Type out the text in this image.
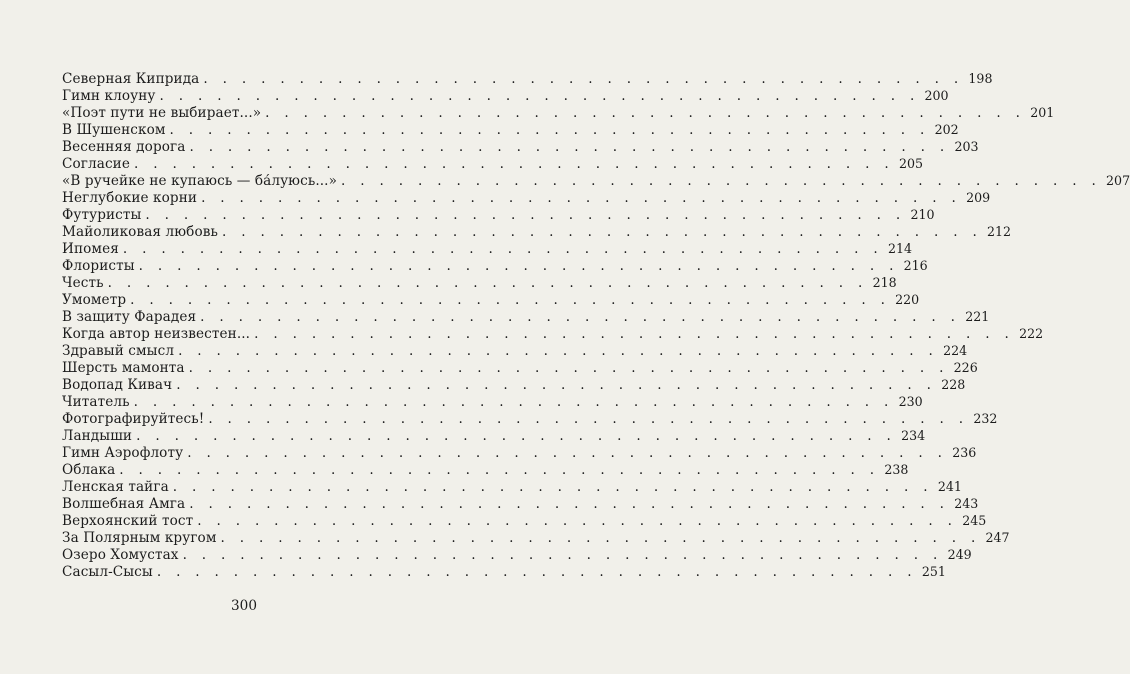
Северная Киприда . . . . . . . . . . . . . . . . . . . . . . . . . . . . . . . . . . . . . . . . 198
Гимн клоуну . . . . . . . . . . . . . . . . . . . . . . . . . . . . . . . . . . . . . . . . 200
«Поэт пути не выбирает...» . . . . . . . . . . . . . . . . . . . . . . . . . . . . . . . . . . . . . . . . 201
В Шушенском . . . . . . . . . . . . . . . . . . . . . . . . . . . . . . . . . . . . . . . . 202
Весенняя дорога . . . . . . . . . . . . . . . . . . . . . . . . . . . . . . . . . . . . . . . . 203
Согласие . . . . . . . . . . . . . . . . . . . . . . . . . . . . . . . . . . . . . . . . 205
«В ручейке не купаюсь — ба́луюсь...» . . . . . . . . . . . . . . . . . . . . . . . . . . . . . . . . . . . . . . . . 207
Неглубокие корни . . . . . . . . . . . . . . . . . . . . . . . . . . . . . . . . . . . . . . . . 209
Футуристы . . . . . . . . . . . . . . . . . . . . . . . . . . . . . . . . . . . . . . . . 210
Майоликовая любовь . . . . . . . . . . . . . . . . . . . . . . . . . . . . . . . . . . . . . . . . 212
Ипомея . . . . . . . . . . . . . . . . . . . . . . . . . . . . . . . . . . . . . . . . 214
Флористы . . . . . . . . . . . . . . . . . . . . . . . . . . . . . . . . . . . . . . . . 216
Честь . . . . . . . . . . . . . . . . . . . . . . . . . . . . . . . . . . . . . . . . 218
Умометр . . . . . . . . . . . . . . . . . . . . . . . . . . . . . . . . . . . . . . . . 220
В защиту Фарадея . . . . . . . . . . . . . . . . . . . . . . . . . . . . . . . . . . . . . . . . 221
Когда автор неизвестен... . . . . . . . . . . . . . . . . . . . . . . . . . . . . . . . . . . . . . . . . 222
Здравый смысл . . . . . . . . . . . . . . . . . . . . . . . . . . . . . . . . . . . . . . . . 224
Шерсть мамонта . . . . . . . . . . . . . . . . . . . . . . . . . . . . . . . . . . . . . . . . 226
Водопад Кивач . . . . . . . . . . . . . . . . . . . . . . . . . . . . . . . . . . . . . . . . 228
Читатель . . . . . . . . . . . . . . . . . . . . . . . . . . . . . . . . . . . . . . . . 230
Фотографируйтесь! . . . . . . . . . . . . . . . . . . . . . . . . . . . . . . . . . . . . . . . . 232
Ландыши . . . . . . . . . . . . . . . . . . . . . . . . . . . . . . . . . . . . . . . . 234
Гимн Аэрофлоту . . . . . . . . . . . . . . . . . . . . . . . . . . . . . . . . . . . . . . . . 236
Облака . . . . . . . . . . . . . . . . . . . . . . . . . . . . . . . . . . . . . . . . 238
Ленская тайга . . . . . . . . . . . . . . . . . . . . . . . . . . . . . . . . . . . . . . . . 241
Волшебная Амга . . . . . . . . . . . . . . . . . . . . . . . . . . . . . . . . . . . . . . . . 243
Верхоянский тост . . . . . . . . . . . . . . . . . . . . . . . . . . . . . . . . . . . . . . . . 245
За Полярным кругом . . . . . . . . . . . . . . . . . . . . . . . . . . . . . . . . . . . . . . . . 247
Озеро Хомустах . . . . . . . . . . . . . . . . . . . . . . . . . . . . . . . . . . . . . . . . 249
Сасыл-Сысы . . . . . . . . . . . . . . . . . . . . . . . . . . . . . . . . . . . . . . . . 251
300
